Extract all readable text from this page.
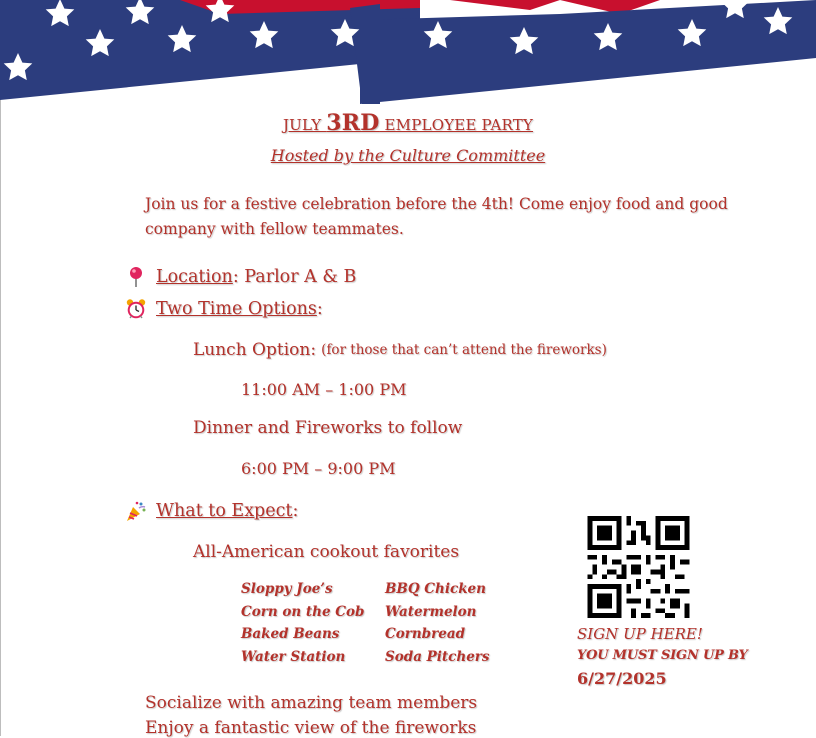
JULY 3RD EMPLOYEE PARTY
Hosted by the Culture Committee
Join us for a festive celebration before the 4th! Come enjoy food and good company with fellow teammates.
Location : Parlor A & B
Two Time Options :
Lunch Option :
(for those that can’t attend the fireworks)
11:00 AM – 1:00 PM
Dinner and Fireworks to follow
6:00 PM – 9:00 PM
What to Expect :
All-American cookout favorites
Sloppy Joe’s
Corn on the Cob
Baked Beans
Water Station
BBQ Chicken
Watermelon
Cornbread
Soda Pitchers
Socialize with amazing team members
Enjoy a fantastic view of the fireworks
SIGN UP HERE!
YOU MUST SIGN UP BY
6/27/2025
